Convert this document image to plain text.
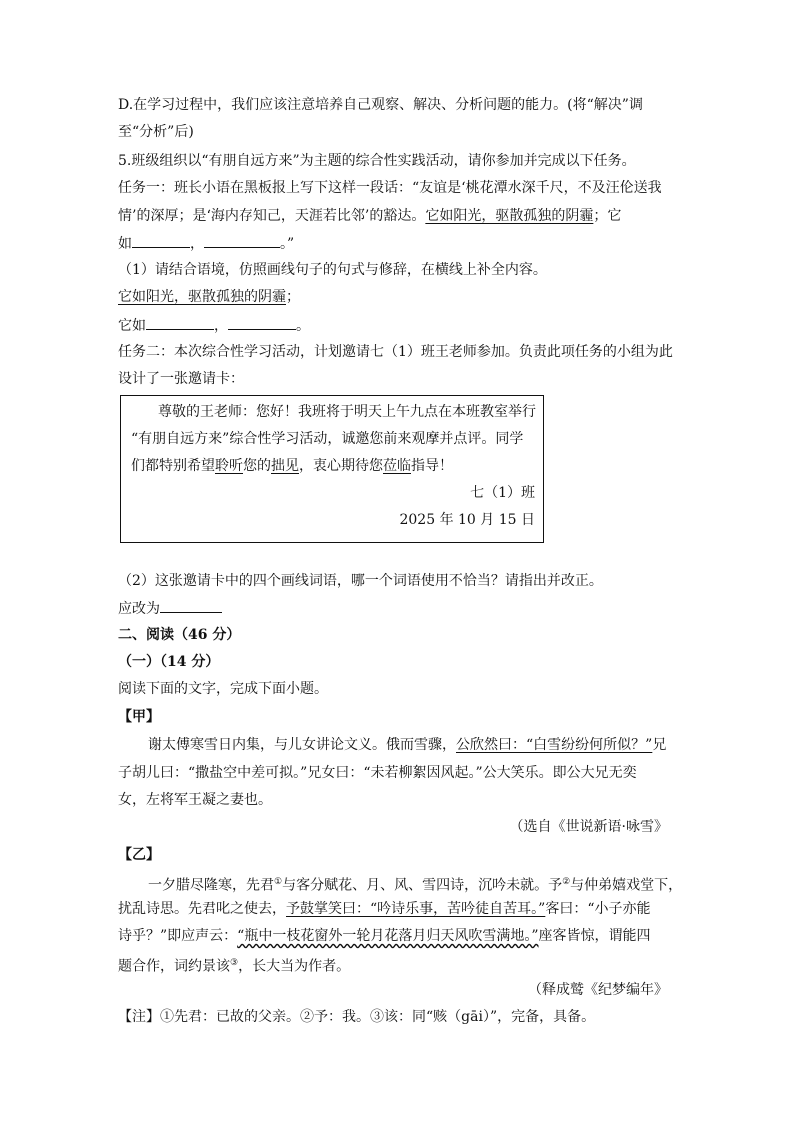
D.在学习过程中，我们应该注意培养自己观察、解决、分析问题的能力。(将“解决”调
至“分析”后)
5.班级组织以“有朋自远方来”为主题的综合性实践活动，请你参加并完成以下任务。
任务一：班长小语在黑板报上写下这样一段话：“友谊是‘桃花潭水深千尺，不及汪伦送我
情’的深厚；是‘海内存知己，天涯若比邻’的豁达。它如阳光，驱散孤独的阴霾；它
如	，	。”
（1）请结合语境，仿照画线句子的句式与修辞，在横线上补全内容。
它如阳光，驱散孤独的阴霾；
它如	，	。
任务二：本次综合性学习活动，计划邀请七（1）班王老师参加。负责此项任务的小组为此
设计了一张邀请卡：
尊敬的王老师：您好！我班将于明天上午九点在本班教室举行
“有朋自远方来”综合性学习活动，诚邀您前来观摩并点评。同学
们都特别希望聆听您的拙见，衷心期待您莅临指导！
七（1）班
2025 年 10 月 15 日
（2）这张邀请卡中的四个画线词语，哪一个词语使用不恰当？请指出并改正。
应改为
二、阅读（46 分）
（一）（14 分）
阅读下面的文字，完成下面小题。
【甲】
谢太傅寒雪日内集，与儿女讲论文义。俄而雪骤，公欣然曰：“白雪纷纷何所似？”兄
子胡儿曰：“撒盐空中差可拟。”兄女曰：“未若柳絮因风起。”公大笑乐。即公大兄无奕
女，左将军王凝之妻也。
（选自《世说新语·咏雪》
【乙】
一夕腊尽隆寒，先君①与客分赋花、月、风、雪四诗，沉吟未就。予②与仲弟嬉戏堂下，
扰乱诗思。先君叱之使去，予鼓掌笑曰：“吟诗乐事，苦吟徒自苦耳。”客曰：“小子亦能
诗乎？”即应声云：“瓶中一枝花窗外一轮月花落月归天风吹雪满地。”座客皆惊，谓能四
题合作，词约景该③，长大当为作者。
（释成鹫《纪梦编年》
【注】①先君：已故的父亲。②予：我。③该：同“赅（gāi）”，完备，具备。
